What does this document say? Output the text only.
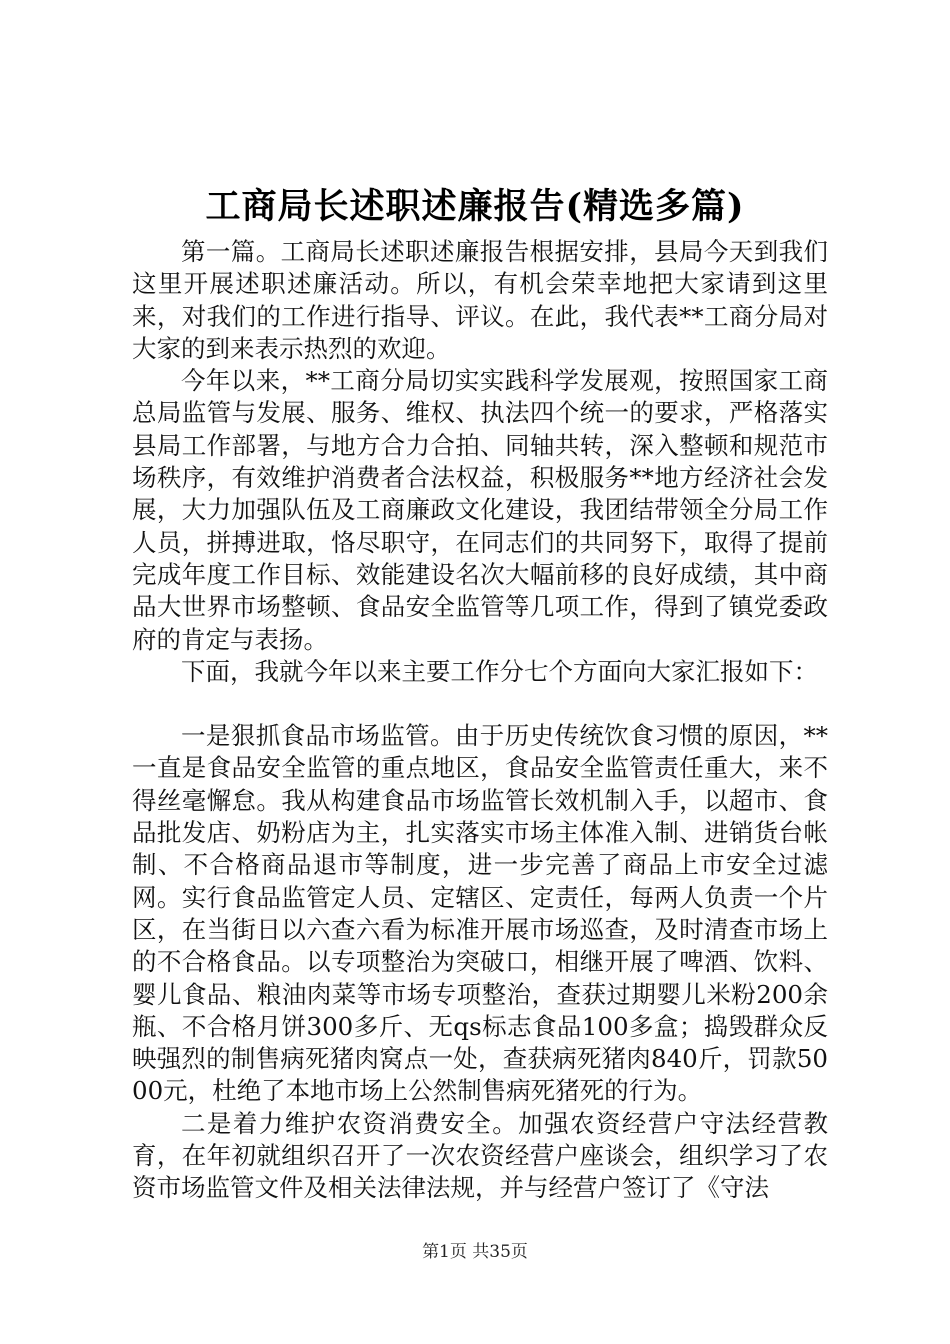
工商局长述职述廉报告(精选多篇)

第一篇。工商局长述职述廉报告根据安排，县局今天到我们这里开展述职述廉活动。所以，有机会荣幸地把大家请到这里来，对我们的工作进行指导、评议。在此，我代表**工商分局对大家的到来表示热烈的欢迎。

今年以来，**工商分局切实实践科学发展观，按照国家工商总局监管与发展、服务、维权、执法四个统一的要求，严格落实县局工作部署，与地方合力合拍、同轴共转，深入整顿和规范市场秩序，有效维护消费者合法权益，积极服务**地方经济社会发展，大力加强队伍及工商廉政文化建设，我团结带领全分局工作人员，拼搏进取，恪尽职守，在同志们的共同努下，取得了提前完成年度工作目标、效能建设名次大幅前移的良好成绩，其中商品大世界市场整顿、食品安全监管等几项工作，得到了镇党委政府的肯定与表扬。

下面，我就今年以来主要工作分七个方面向大家汇报如下：

一是狠抓食品市场监管。由于历史传统饮食习惯的原因，**一直是食品安全监管的重点地区，食品安全监管责任重大，来不得丝毫懈怠。我从构建食品市场监管长效机制入手，以超市、食品批发店、奶粉店为主，扎实落实市场主体准入制、进销货台帐制、不合格商品退市等制度，进一步完善了商品上市安全过滤网。实行食品监管定人员、定辖区、定责任，每两人负责一个片区，在当街日以六查六看为标准开展市场巡查，及时清查市场上的不合格食品。以专项整治为突破口，相继开展了啤酒、饮料、婴儿食品、粮油肉菜等市场专项整治，查获过期婴儿米粉200余瓶、不合格月饼300多斤、无qs标志食品100多盒；捣毁群众反映强烈的制售病死猪肉窝点一处，查获病死猪肉840斤，罚款5000元，杜绝了本地市场上公然制售病死猪死的行为。

二是着力维护农资消费安全。加强农资经营户守法经营教育，在年初就组织召开了一次农资经营户座谈会，组织学习了农资市场监管文件及相关法律法规，并与经营户签订了《守法

第1页 共35页
